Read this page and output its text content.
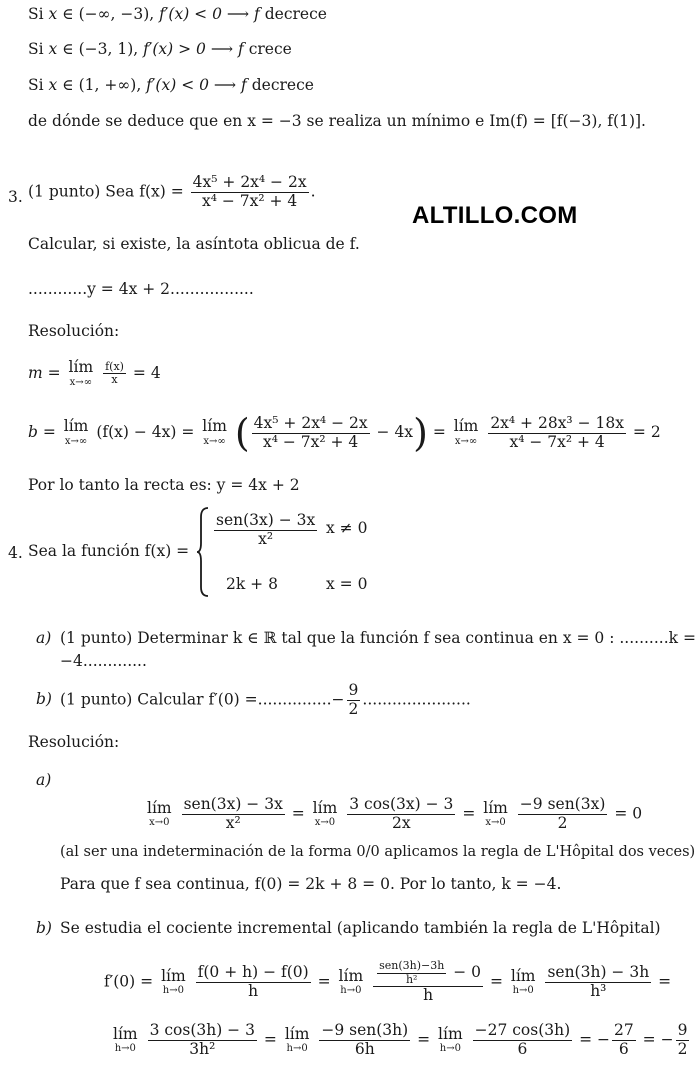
Si x ∈ (−∞, −3), f′(x) < 0 ⟶ f decrece
Si x ∈ (−3, 1), f′(x) > 0 ⟶ f crece
Si x ∈ (1, +∞), f′(x) < 0 ⟶ f decrece
de dónde se deduce que en x = −3 se realiza un mínimo e Im(f) = [f(−3), f(1)].
3. (1 punto) Sea $f(x) = \frac{\text{4x⁵ + 2x⁴ − 2x}}{\text{x⁴ − 7x² + 4}}$ .
ALTILLO.COM
Calcular, si existe, la asíntota oblicua de f.
............y = 4x + 2.................
Resolución:
m = lím
x→∞
$\frac{f(x)}{x} = 4$
b = lím
x→∞
(f(x) − 4x) = lím
x→∞ ( $\frac{\text{4x⁵ + 2x⁴ − 2x}}{\text{x⁴ − 7x² + 4}} - 4x$) = lím
x→∞
$\frac{\text{2x⁴ + 28x³ − 18x}}{\text{x⁴ − 7x² + 4}} = 2$
Por lo tanto la recta es: y = 4x + 2
4. Sea la función f(x) =
$\frac{\text{sen(3x) − 3x}}{\text{x²}}$ x ≠ 0
2k + 8	x = 0
a) (1 punto) Determinar k ∈ ℝ tal que la función f sea continua en x = 0 : ..........k =
−4.............
b) (1 punto) Calcular f′(0) =...............− $\frac{9}{2}$ ......................
Resolución:
a)
lím
x→0
$\frac{\text{sen(3x) − 3x}}{\text{x²}}$ = lím
x→0
$\frac{3 \cos(3x) - 3}{2x}$ = lím
x→0
$\frac{\text{−9 sen(3x)}}{2} = 0$
(al ser una indeterminación de la forma 0/0 aplicamos la regla de L'Hôpital dos veces)
Para que f sea continua, f(0) = 2k + 8 = 0. Por lo tanto, k = −4.
b) Se estudia el cociente incremental (aplicando también la regla de L'Hôpital)
f′(0) = lím
h→0
$\frac{f(0 + h) - f(0)}{h}$ = lím
h→0
$\frac{\frac{\text{sen(3h)−3h}}{\text{h²}} - 0}{h}$ = lím
h→0
$\frac{\text{sen(3h) − 3h}}{\text{h³}}$ =
lím
h→0
$\frac{3 \cos(3h) - 3}{\text{3h²}}$ = lím
h→0
$\frac{\text{−9 sen(3h)}}{6h}$ = lím
h→0
$\frac{-27 \cos(3h)}{6}$ = − $\frac{27}{6}$ = − $\frac{9}{2}$
